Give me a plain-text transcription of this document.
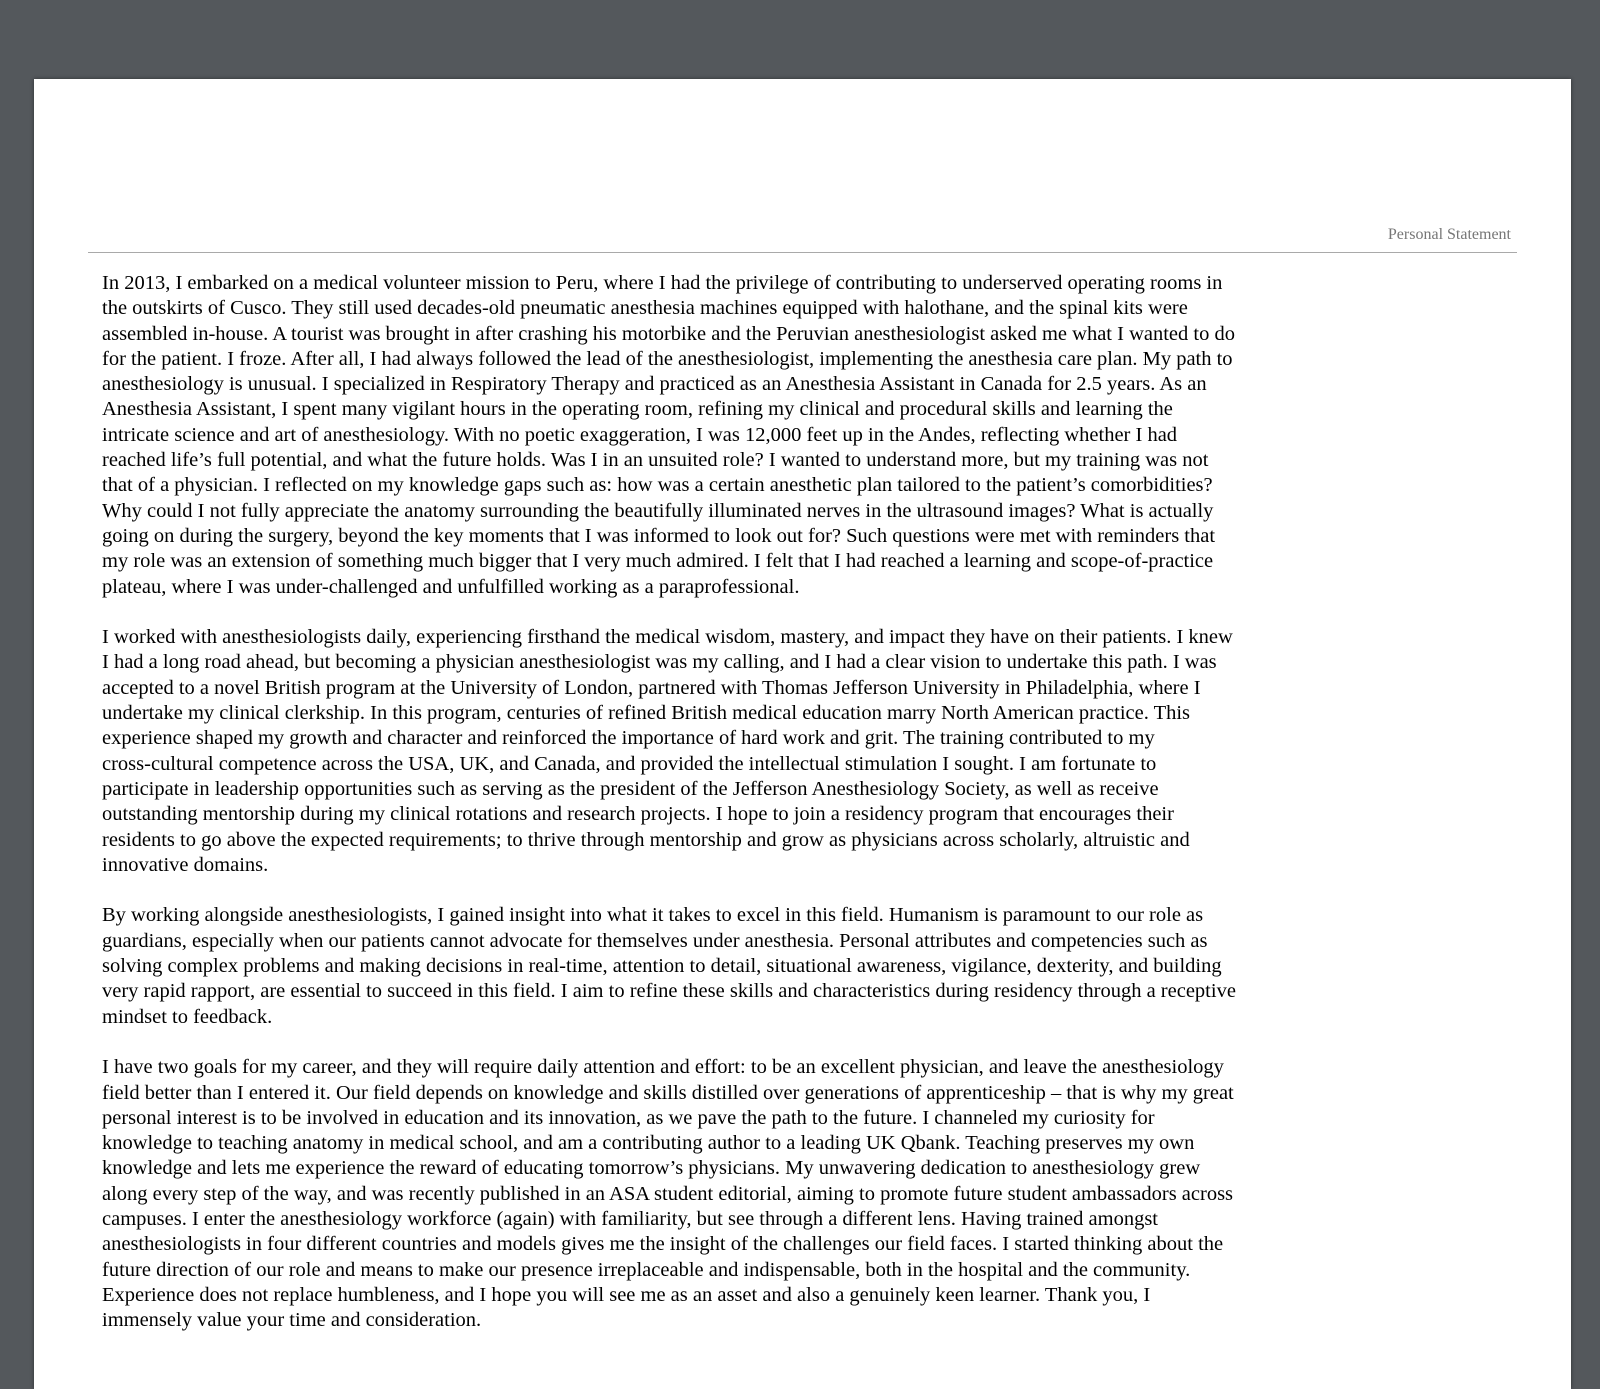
Personal Statement

In 2013, I embarked on a medical volunteer mission to Peru, where I had the privilege of contributing to underserved operating rooms in
the outskirts of Cusco. They still used decades-old pneumatic anesthesia machines equipped with halothane, and the spinal kits were
assembled in-house. A tourist was brought in after crashing his motorbike and the Peruvian anesthesiologist asked me what I wanted to do
for the patient. I froze. After all, I had always followed the lead of the anesthesiologist, implementing the anesthesia care plan. My path to
anesthesiology is unusual. I specialized in Respiratory Therapy and practiced as an Anesthesia Assistant in Canada for 2.5 years. As an
Anesthesia Assistant, I spent many vigilant hours in the operating room, refining my clinical and procedural skills and learning the
intricate science and art of anesthesiology. With no poetic exaggeration, I was 12,000 feet up in the Andes, reflecting whether I had
reached life’s full potential, and what the future holds. Was I in an unsuited role? I wanted to understand more, but my training was not
that of a physician. I reflected on my knowledge gaps such as: how was a certain anesthetic plan tailored to the patient’s comorbidities?
Why could I not fully appreciate the anatomy surrounding the beautifully illuminated nerves in the ultrasound images? What is actually
going on during the surgery, beyond the key moments that I was informed to look out for? Such questions were met with reminders that
my role was an extension of something much bigger that I very much admired. I felt that I had reached a learning and scope-of-practice
plateau, where I was under-challenged and unfulfilled working as a paraprofessional.

I worked with anesthesiologists daily, experiencing firsthand the medical wisdom, mastery, and impact they have on their patients. I knew
I had a long road ahead, but becoming a physician anesthesiologist was my calling, and I had a clear vision to undertake this path. I was
accepted to a novel British program at the University of London, partnered with Thomas Jefferson University in Philadelphia, where I
undertake my clinical clerkship. In this program, centuries of refined British medical education marry North American practice. This
experience shaped my growth and character and reinforced the importance of hard work and grit. The training contributed to my
cross-cultural competence across the USA, UK, and Canada, and provided the intellectual stimulation I sought. I am fortunate to
participate in leadership opportunities such as serving as the president of the Jefferson Anesthesiology Society, as well as receive
outstanding mentorship during my clinical rotations and research projects. I hope to join a residency program that encourages their
residents to go above the expected requirements; to thrive through mentorship and grow as physicians across scholarly, altruistic and
innovative domains.

By working alongside anesthesiologists, I gained insight into what it takes to excel in this field. Humanism is paramount to our role as
guardians, especially when our patients cannot advocate for themselves under anesthesia. Personal attributes and competencies such as
solving complex problems and making decisions in real-time, attention to detail, situational awareness, vigilance, dexterity, and building
very rapid rapport, are essential to succeed in this field. I aim to refine these skills and characteristics during residency through a receptive
mindset to feedback.

I have two goals for my career, and they will require daily attention and effort: to be an excellent physician, and leave the anesthesiology
field better than I entered it. Our field depends on knowledge and skills distilled over generations of apprenticeship – that is why my great
personal interest is to be involved in education and its innovation, as we pave the path to the future. I channeled my curiosity for
knowledge to teaching anatomy in medical school, and am a contributing author to a leading UK Qbank. Teaching preserves my own
knowledge and lets me experience the reward of educating tomorrow’s physicians. My unwavering dedication to anesthesiology grew
along every step of the way, and was recently published in an ASA student editorial, aiming to promote future student ambassadors across
campuses. I enter the anesthesiology workforce (again) with familiarity, but see through a different lens. Having trained amongst
anesthesiologists in four different countries and models gives me the insight of the challenges our field faces. I started thinking about the
future direction of our role and means to make our presence irreplaceable and indispensable, both in the hospital and the community.
Experience does not replace humbleness, and I hope you will see me as an asset and also a genuinely keen learner. Thank you, I
immensely value your time and consideration.
